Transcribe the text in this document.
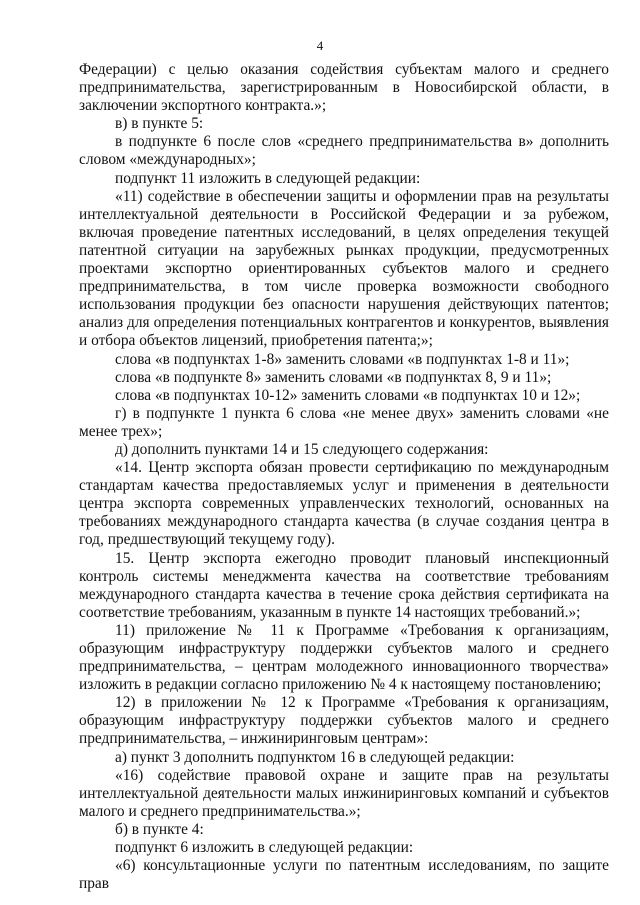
4

Федерации) с целью оказания содействия субъектам малого и среднего предпринимательства, зарегистрированным в Новосибирской области, в заключении экспортного контракта.»;

в) в пункте 5:

в подпункте 6 после слов «среднего предпринимательства в» дополнить словом «международных»;

подпункт 11 изложить в следующей редакции:

«11) содействие в обеспечении защиты и оформлении прав на результаты интеллектуальной деятельности в Российской Федерации и за рубежом, включая проведение патентных исследований, в целях определения текущей патентной ситуации на зарубежных рынках продукции, предусмотренных проектами экспортно ориентированных субъектов малого и среднего предпринимательства, в том числе проверка возможности свободного использования продукции без опасности нарушения действующих патентов; анализ для определения потенциальных контрагентов и конкурентов, выявления и отбора объектов лицензий, приобретения патента;»;

слова «в подпунктах 1-8» заменить словами «в подпунктах 1-8 и 11»;

слова «в подпункте 8» заменить словами «в подпунктах 8, 9 и 11»;

слова «в подпунктах 10-12» заменить словами «в подпунктах 10 и 12»;

г) в подпункте 1 пункта 6 слова «не менее двух» заменить словами «не менее трех»;

д) дополнить пунктами 14 и 15 следующего содержания:

«14. Центр экспорта обязан провести сертификацию по международным стандартам качества предоставляемых услуг и применения в деятельности центра экспорта современных управленческих технологий, основанных на требованиях международного стандарта качества (в случае создания центра в год, предшествующий текущему году).

15. Центр экспорта ежегодно проводит плановый инспекционный контроль системы менеджмента качества на соответствие требованиям международного стандарта качества в течение срока действия сертификата на соответствие требованиям, указанным в пункте 14 настоящих требований.»;

11) приложение № 11 к Программе «Требования к организациям, образующим инфраструктуру поддержки субъектов малого и среднего предпринимательства, – центрам молодежного инновационного творчества» изложить в редакции согласно приложению № 4 к настоящему постановлению;

12) в приложении № 12 к Программе «Требования к организациям, образующим инфраструктуру поддержки субъектов малого и среднего предпринимательства, – инжиниринговым центрам»:

а) пункт 3 дополнить подпунктом 16 в следующей редакции:

«16) содействие правовой охране и защите прав на результаты интеллектуальной деятельности малых инжиниринговых компаний и субъектов малого и среднего предпринимательства.»;

б) в пункте 4:

подпункт 6 изложить в следующей редакции:

«6) консультационные услуги по патентным исследованиям, по защите прав
